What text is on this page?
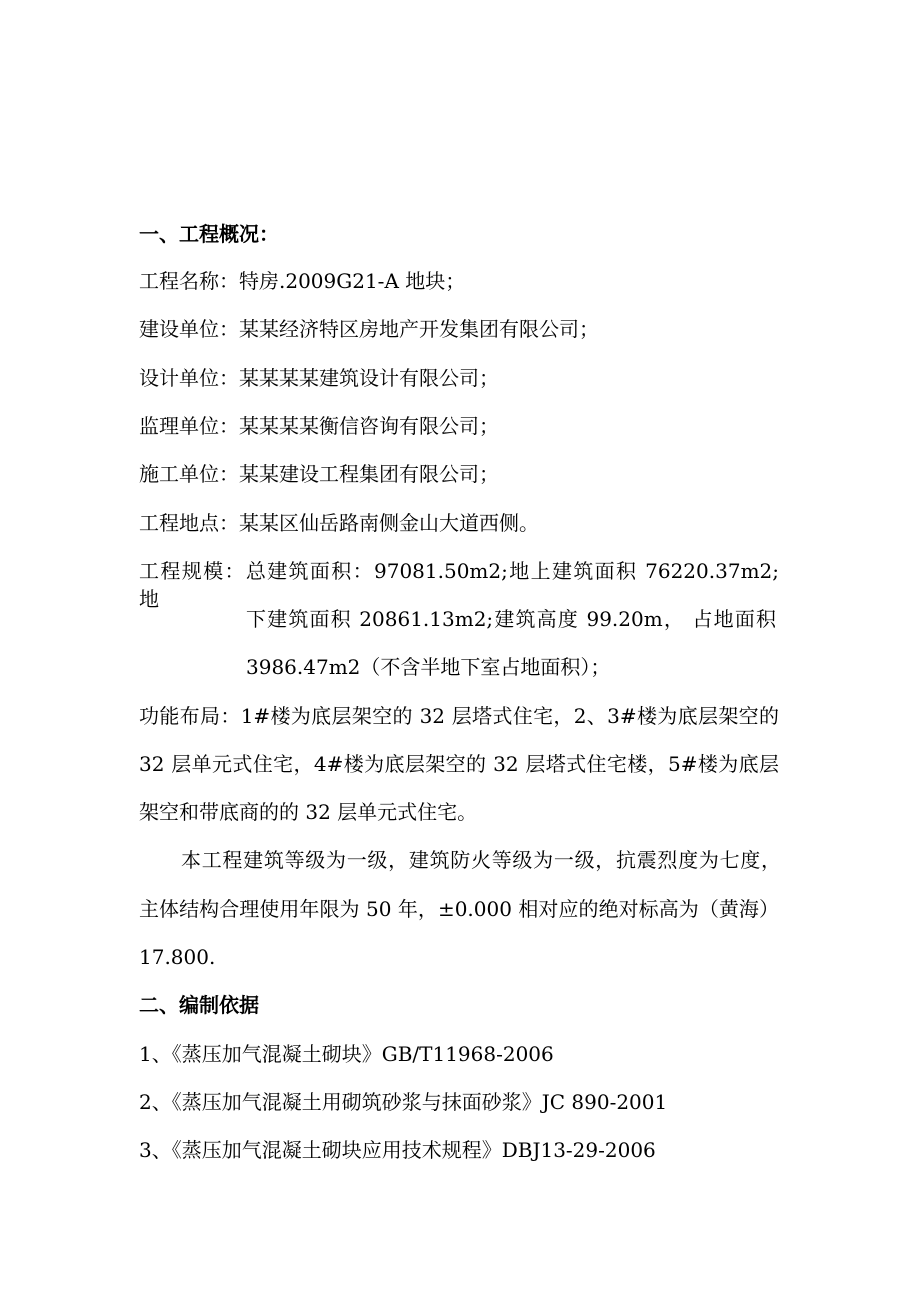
一、工程概况：
工程名称：特房.2009G21-A 地块；
建设单位：某某经济特区房地产开发集团有限公司；
设计单位：某某某某建筑设计有限公司；
监理单位：某某某某衡信咨询有限公司；
施工单位：某某建设工程集团有限公司；
工程地点：某某区仙岳路南侧金山大道西侧。
工程规模：总建筑面积：97081.50m2;地上建筑面积 76220.37m2; 地
下建筑面积 20861.13m2;建筑高度 99.20m， 占地面积
3986.47m2（不含半地下室占地面积）；
功能布局：1#楼为底层架空的 32 层塔式住宅，2、3#楼为底层架空的
32 层单元式住宅，4#楼为底层架空的 32 层塔式住宅楼，5#楼为底层
架空和带底商的的 32 层单元式住宅。
本工程建筑等级为一级，建筑防火等级为一级，抗震烈度为七度，
主体结构合理使用年限为 50 年，±0.000 相对应的绝对标高为（黄海）
17.800.
二、编制依据
1、《蒸压加气混凝土砌块》GB/T11968-2006
2、《蒸压加气混凝土用砌筑砂浆与抹面砂浆》JC 890-2001
3、《蒸压加气混凝土砌块应用技术规程》DBJ13-29-2006
